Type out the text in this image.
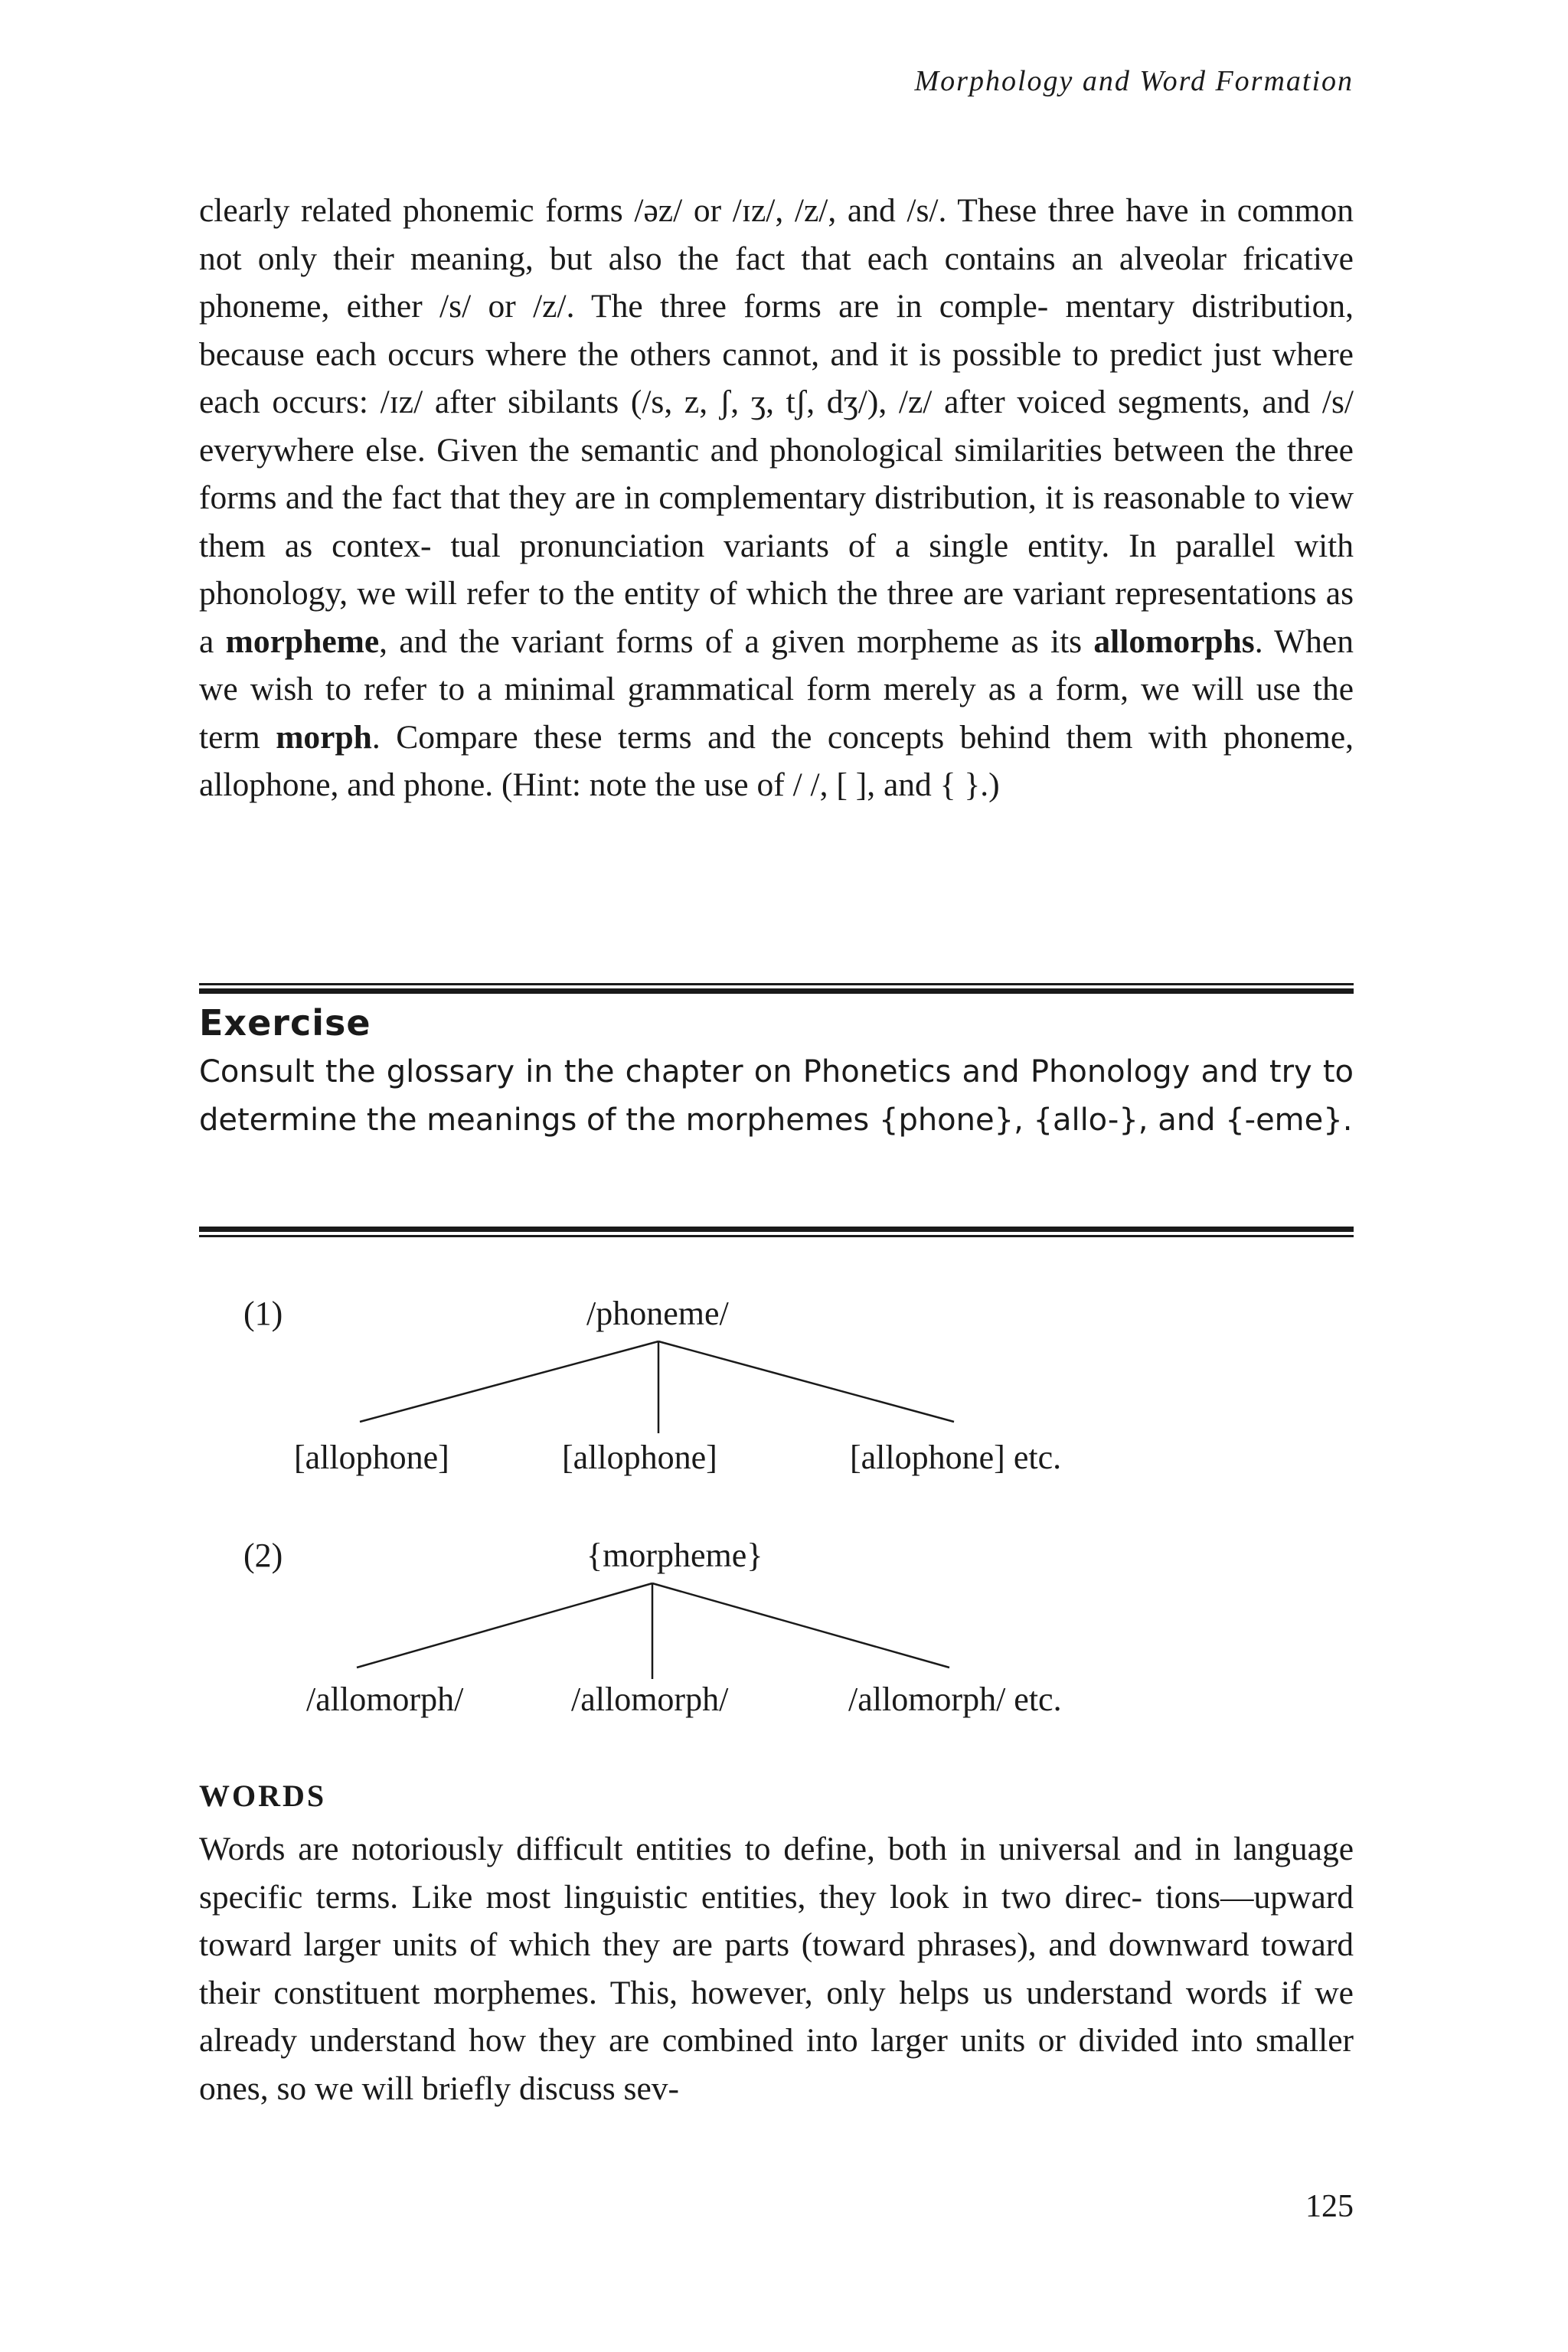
Morphology and Word Formation

clearly related phonemic forms /əz/ or /ɪz/, /z/, and /s/. These three have in common not only their meaning, but also the fact that each contains an alveolar fricative phoneme, either /s/ or /z/. The three forms are in comple- mentary distribution, because each occurs where the others cannot, and it is possible to predict just where each occurs: /ɪz/ after sibilants (/s, z, ʃ, ʒ, tʃ, dʒ/), /z/ after voiced segments, and /s/ everywhere else. Given the semantic and phonological similarities between the three forms and the fact that they are in complementary distribution, it is reasonable to view them as contex- tual pronunciation variants of a single entity. In parallel with phonology, we will refer to the entity of which the three are variant representations as a morpheme, and the variant forms of a given morpheme as its allomorphs. When we wish to refer to a minimal grammatical form merely as a form, we will use the term morph. Compare these terms and the concepts behind them with phoneme, allophone, and phone. (Hint: note the use of / /, [ ], and { }.)

Exercise

Consult the glossary in the chapter on Phonetics and Phonology and try to determine the meanings of the morphemes {phone}, {allo-}, and {-eme}.

(1)	/phoneme/

[allophone]	[allophone]	[allophone] etc.

(2)	{morpheme}

/allomorph/	/allomorph/	/allomorph/ etc.

WORDS

Words are notoriously difficult entities to define, both in universal and in language specific terms. Like most linguistic entities, they look in two direc- tions—upward toward larger units of which they are parts (toward phrases), and downward toward their constituent morphemes. This, however, only helps us understand words if we already understand how they are combined into larger units or divided into smaller ones, so we will briefly discuss sev-

125
